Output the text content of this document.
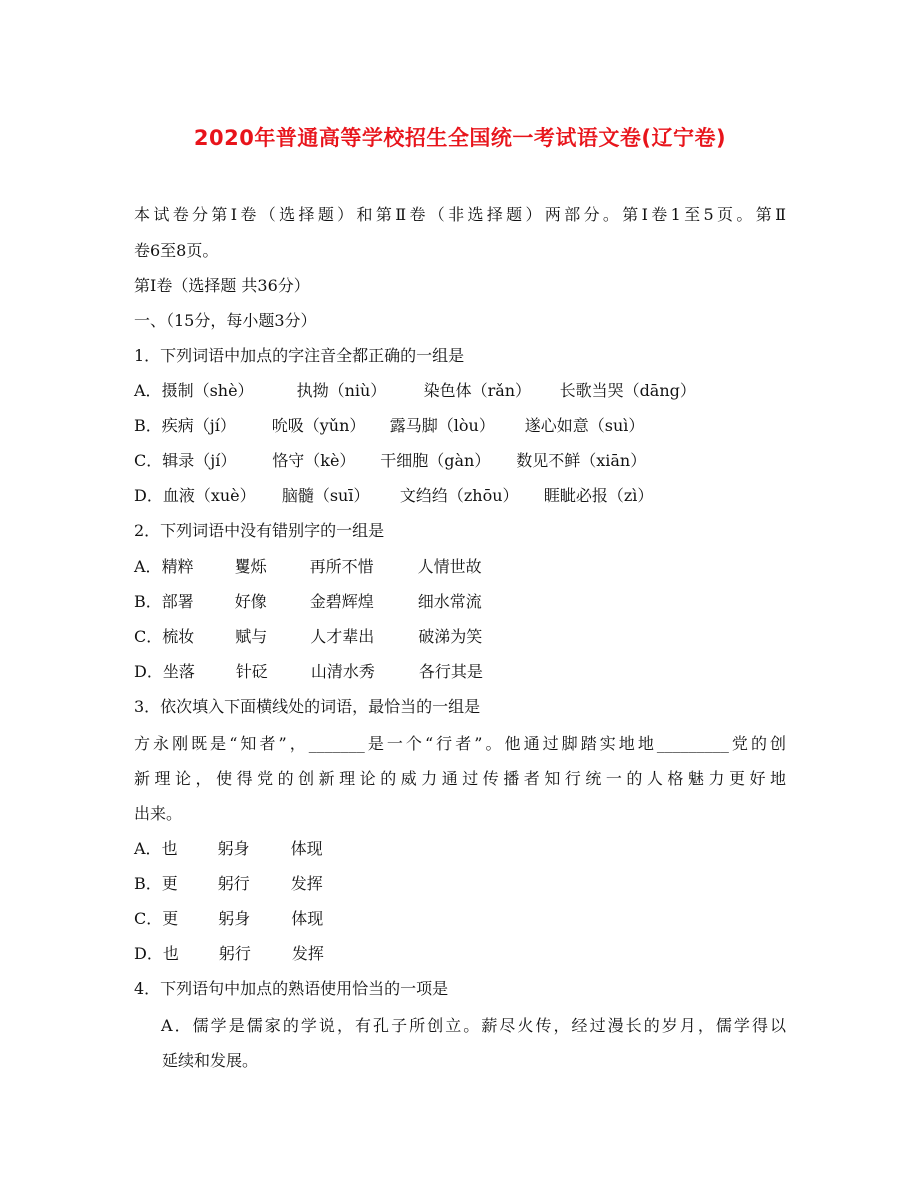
2020年普通高等学校招生全国统一考试语文卷(辽宁卷)
本试卷分第Ⅰ卷（选择题）和第Ⅱ卷（非选择题）两部分。第Ⅰ卷1至5页。第Ⅱ
卷6至8页。
第Ⅰ卷（选择题 共36分）
一、（15分，每小题3分）
1．下列词语中加点的字注音全都正确的一组是
A．摄制（shè）	执拗（niù） 染色体（rǎn） 长歌当哭（dāng）
B．疾病（jí） 吮吸（yǔn） 露马脚（lòu） 遂心如意（suì）
C．辑录（jí） 恪守（kè） 干细胞（gàn） 数见不鲜（xiān）
D．血液（xuè） 脑髓（suī） 文绉绉（zhōu） 睚眦必报（zì）
2．下列词语中没有错别字的一组是
A．精粹	矍烁	再所不惜	人情世故
B．部署	好像	金碧辉煌	细水常流
C．梳妆	赋与	人才辈出	破涕为笑
D．坐落	针砭	山清水秀	各行其是
3．依次填入下面横线处的词语，最恰当的一组是
方永刚既是“知者”，_______是一个“行者”。他通过脚踏实地地_________党的创
新理论，使得党的创新理论的威力通过传播者知行统一的人格魅力更好地
出来。
A．也 躬身	体现
B．更 躬行	发挥
C．更 躬身	体现
D．也 躬行	发挥
4．下列语句中加点的熟语使用恰当的一项是
A．儒学是儒家的学说，有孔子所创立。薪尽火传，经过漫长的岁月，儒学得以
延续和发展。
